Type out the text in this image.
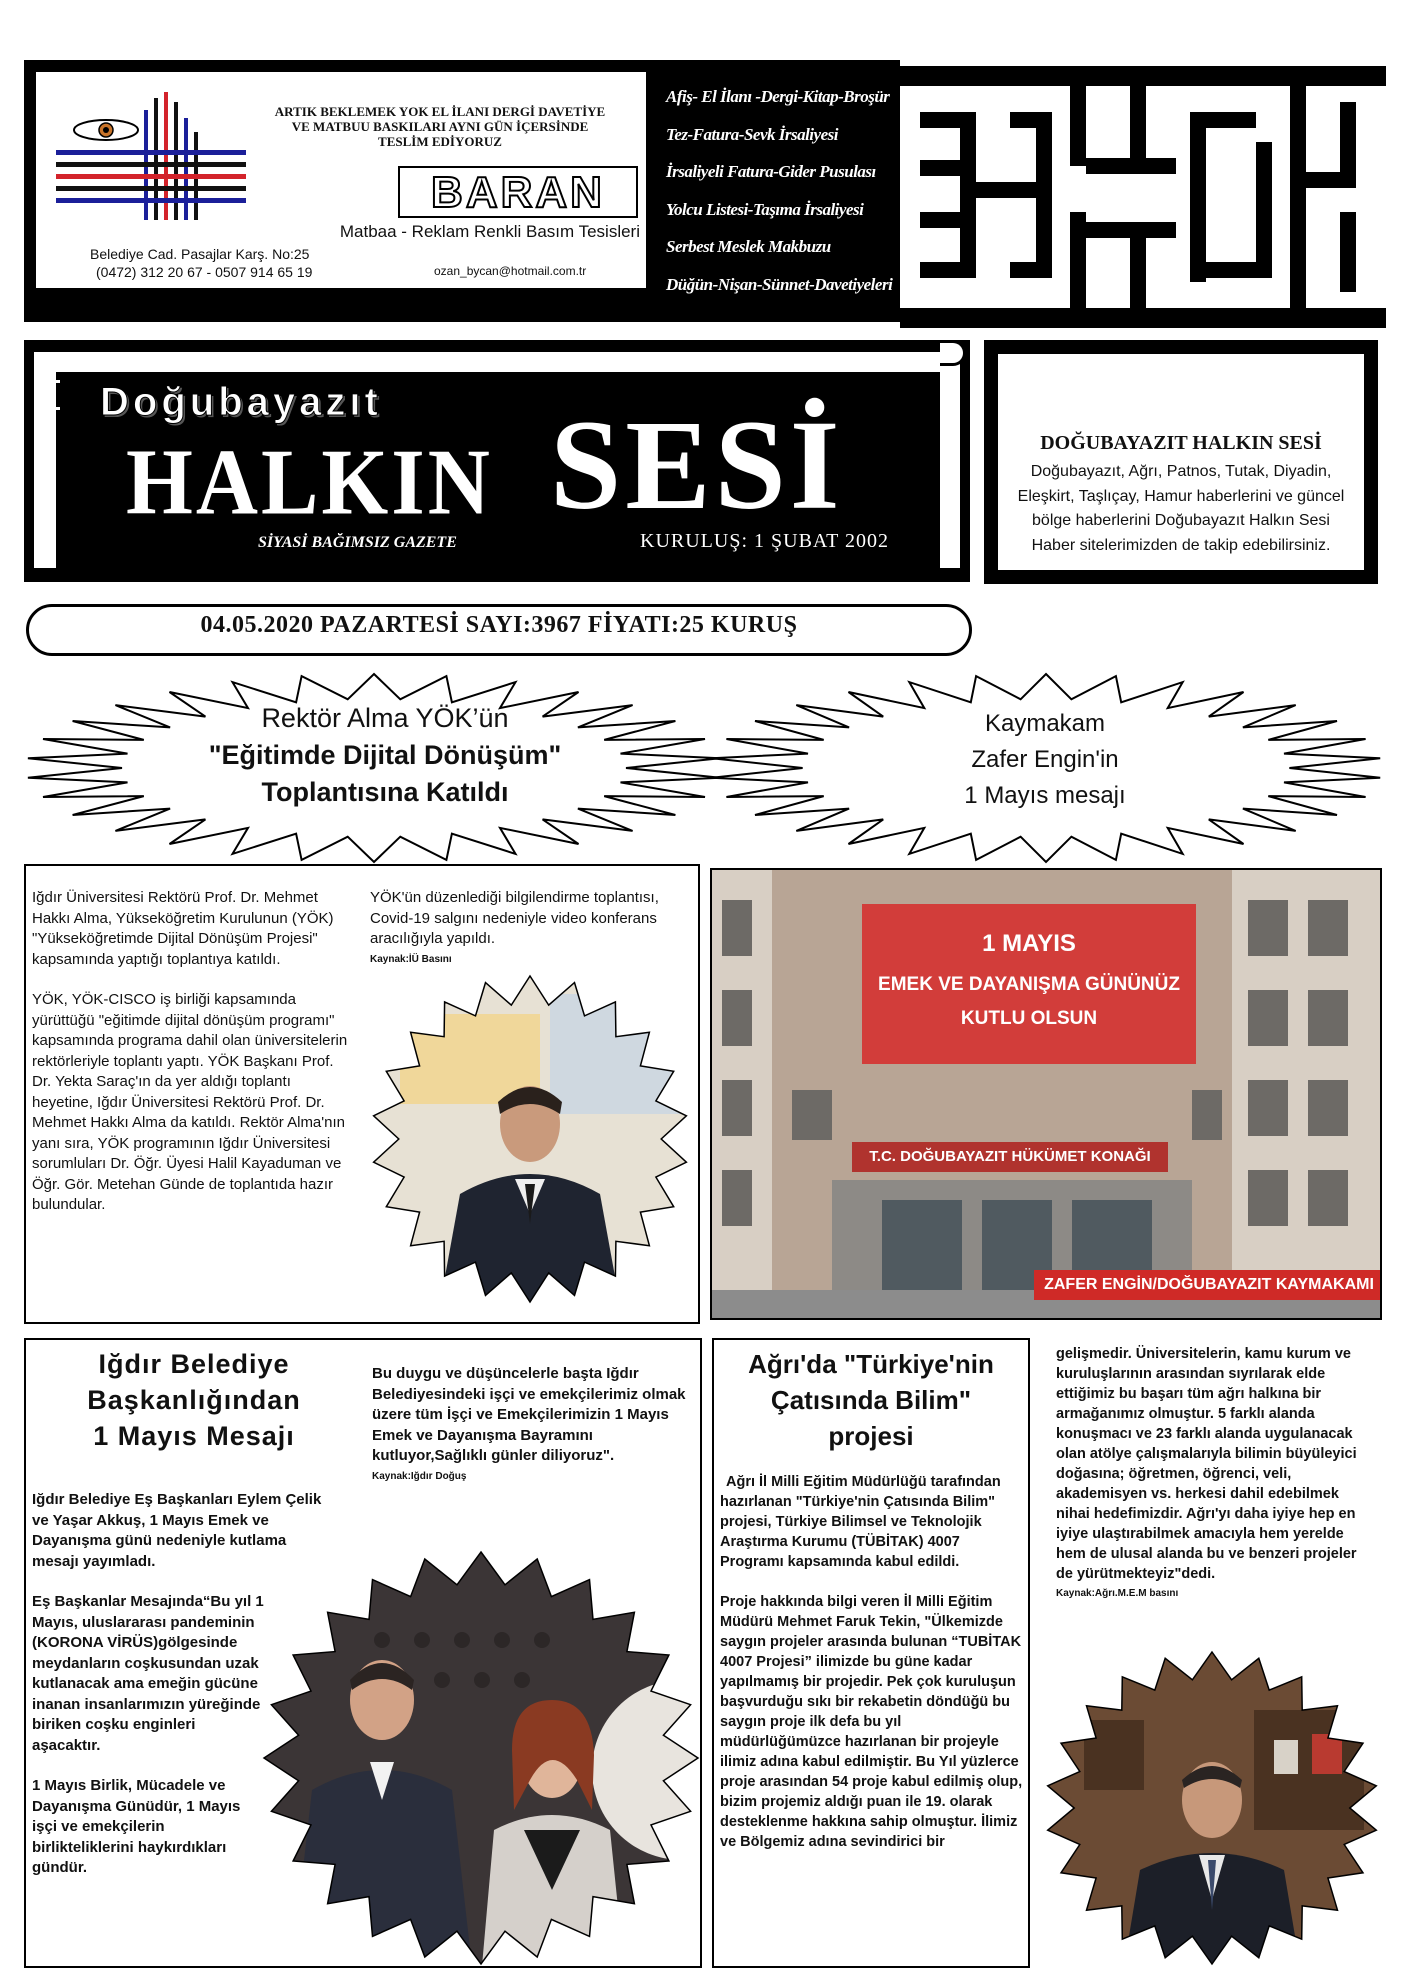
ARTIK BEKLEMEK YOK EL İLANI DERGİ DAVETİYE
VE MATBUU BASKILARI AYNI GÜN İÇERSİNDE
TESLİM EDİYORUZ
BARAN
Matbaa - Reklam Renkli Basım Tesisleri
Belediye Cad. Pasajlar Karş. No:25
(0472) 312 20 67 - 0507 914 65 19	ozan_bycan@hotmail.com.tr
Afiş- El İlanı -Dergi-Kitap-Broşür
Tez-Fatura-Sevk İrsaliyesi
İrsaliyeli Fatura-Gider Pusulası
Yolcu Listesi-Taşıma İrsaliyesi
Serbest Meslek Makbuzu
Düğün-Nişan-Sünnet-Davetiyeleri
Doğubayazıt
HALKIN SESİ
SİYASİ BAĞIMSIZ GAZETE	KURULUŞ: 1 ŞUBAT 2002
DOĞUBAYAZIT HALKIN SESİ
Doğubayazıt, Ağrı, Patnos, Tutak, Diyadin, Eleşkirt, Taşlıçay, Hamur haberlerini ve güncel bölge haberlerini Doğubayazıt Halkın Sesi Haber sitelerimizden de takip edebilirsiniz.
04.05.2020 PAZARTESİ SAYI:3967 FİYATI:25 KURUŞ
Rektör Alma YÖK’ün
"Eğitimde Dijital Dönüşüm"
Toplantısına Katıldı
Kaymakam
Zafer Engin'in
1 Mayıs mesajı

Iğdır Üniversitesi Rektörü Prof. Dr. Mehmet Hakkı Alma, Yükseköğretim Kurulunun (YÖK) "Yükseköğretimde Dijital Dönüşüm Projesi" kapsamında yaptığı toplantıya katıldı.

YÖK, YÖK-CISCO iş birliği kapsamında yürüttüğü "eğitimde dijital dönüşüm programı" kapsamında programa dahil olan üniversitelerin rektörleriyle toplantı yaptı. YÖK Başkanı Prof. Dr. Yekta Saraç'ın da yer aldığı toplantı heyetine, Iğdır Üniversitesi Rektörü Prof. Dr. Mehmet Hakkı Alma da katıldı. Rektör Alma'nın yanı sıra, YÖK programının Iğdır Üniversitesi sorumluları Dr. Öğr. Üyesi Halil Kayaduman ve Öğr. Gör. Metehan Günde de toplantıda hazır bulundular.

YÖK'ün düzenlediği bilgilendirme toplantısı, Covid-19 salgını nedeniyle video konferans aracılığıyla yapıldı.
Kaynak:İÜ Basını
1 MAYIS
EMEK VE DAYANIŞMA GÜNÜNÜZ
KUTLU OLSUN
T.C. DOĞUBAYAZIT HÜKÜMET KONAĞI
ZAFER ENGİN/DOĞUBAYAZIT KAYMAKAMI
Iğdır Belediye
Başkanlığından
1 Mayıs Mesajı
Bu duygu ve düşüncelerle başta Iğdır Belediyesindeki işçi ve emekçilerimiz olmak üzere tüm İşçi ve Emekçilerimizin 1 Mayıs Emek ve Dayanışma Bayramını kutluyor,Sağlıklı günler diliyoruz".
Kaynak:Iğdır Doğuş

Iğdır Belediye Eş Başkanları Eylem Çelik ve Yaşar Akkuş, 1 Mayıs Emek ve Dayanışma günü nedeniyle kutlama mesajı yayımladı.

Eş Başkanlar Mesajında“Bu yıl 1 Mayıs, uluslararası pandeminin (KORONA VİRÜS)gölgesinde meydanların coşkusundan uzak kutlanacak ama emeğin gücüne inanan insanlarımızın yüreğinde biriken coşku enginleri aşacaktır.

1 Mayıs Birlik, Mücadele ve Dayanışma Günüdür, 1 Mayıs işçi ve emekçilerin birlikteliklerini haykırdıkları gündür.

Ağrı'da "Türkiye'nin
Çatısında Bilim"
projesi

Ağrı İl Milli Eğitim Müdürlüğü tarafından hazırlanan "Türkiye'nin Çatısında Bilim" projesi, Türkiye Bilimsel ve Teknolojik Araştırma Kurumu (TÜBİTAK) 4007 Programı kapsamında kabul edildi.

Proje hakkında bilgi veren İl Milli Eğitim Müdürü Mehmet Faruk Tekin, "Ülkemizde saygın projeler arasında bulunan “TUBİTAK 4007 Projesi” ilimizde bu güne kadar yapılmamış bir projedir. Pek çok kuruluşun başvurduğu sıkı bir rekabetin döndüğü bu saygın proje ilk defa bu yıl müdürlüğümüzce hazırlanan bir projeyle ilimiz adına kabul edilmiştir. Bu Yıl yüzlerce proje arasından 54 proje kabul edilmiş olup, bizim projemiz aldığı puan ile 19. olarak desteklenme hakkına sahip olmuştur. İlimiz ve Bölgemiz adına sevindirici bir

gelişmedir. Üniversitelerin, kamu kurum ve kuruluşlarının arasından sıyrılarak elde ettiğimiz bu başarı tüm ağrı halkına bir armağanımız olmuştur. 5 farklı alanda konuşmacı ve 23 farklı alanda uygulanacak olan atölye çalışmalarıyla bilimin büyüleyici doğasına; öğretmen, öğrenci, veli, akademisyen vs. herkesi dahil edebilmek nihai hedefimizdir. Ağrı'yı daha iyiye hep en iyiye ulaştırabilmek amacıyla hem yerelde hem de ulusal alanda bu ve benzeri projeler de yürütmekteyiz"dedi.
Kaynak:Ağrı.M.E.M basını
